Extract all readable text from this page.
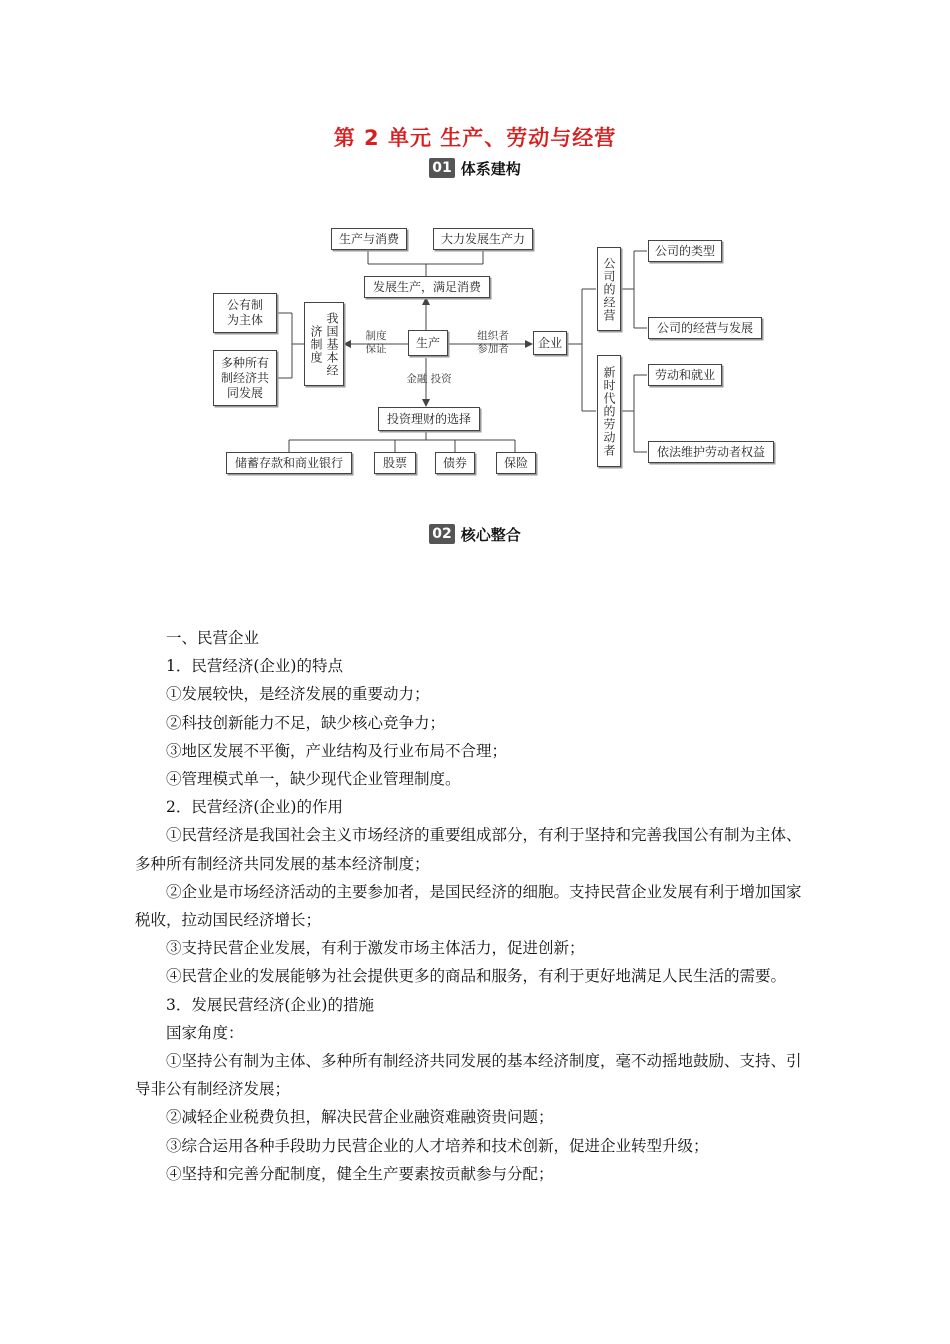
第 2 单元 生产、劳动与经营
01 体系建构
生产与消费	大力发展生产力
发展生产，满足消费
公有制为主体
多种所有制经济共同发展
我国基本经济制度	生产	企业
制度保证
组织者参加者
金融 投资
投资理财的选择
储蓄存款和商业银行	股票	债券	保险
公司的经营
新时代的劳动者
公司的类型
公司的经营与发展
劳动和就业
依法维护劳动者权益
02 核心整合

一、民营企业

1．民营经济(企业)的特点

①发展较快，是经济发展的重要动力；

②科技创新能力不足，缺少核心竞争力；

③地区发展不平衡，产业结构及行业布局不合理；

④管理模式单一，缺少现代企业管理制度。

2．民营经济(企业)的作用

①民营经济是我国社会主义市场经济的重要组成部分，有利于坚持和完善我国公有制为主体、多种所有制经济共同发展的基本经济制度；

②企业是市场经济活动的主要参加者，是国民经济的细胞。支持民营企业发展有利于增加国家税收，拉动国民经济增长；

③支持民营企业发展，有利于激发市场主体活力，促进创新；

④民营企业的发展能够为社会提供更多的商品和服务，有利于更好地满足人民生活的需要。

3．发展民营经济(企业)的措施

国家角度：

①坚持公有制为主体、多种所有制经济共同发展的基本经济制度，毫不动摇地鼓励、支持、引导非公有制经济发展；

②减轻企业税费负担，解决民营企业融资难融资贵问题；

③综合运用各种手段助力民营企业的人才培养和技术创新，促进企业转型升级；

④坚持和完善分配制度，健全生产要素按贡献参与分配；
